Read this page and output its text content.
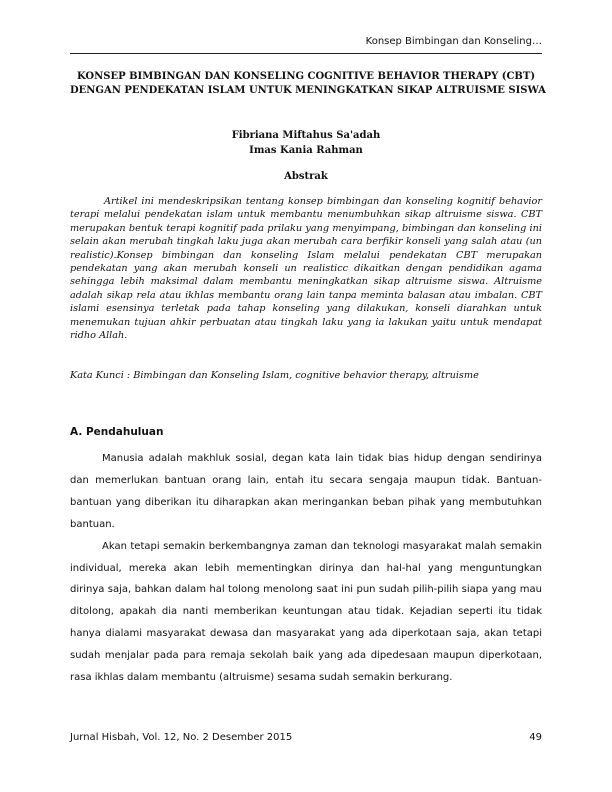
Konsep Bimbingan dan Konseling…
KONSEP BIMBINGAN DAN KONSELING COGNITIVE BEHAVIOR THERAPY (CBT)
DENGAN PENDEKATAN ISLAM UNTUK MENINGKATKAN SIKAP ALTRUISME SISWA
Fibriana Miftahus Sa'adah
Imas Kania Rahman
Abstrak
Artikel ini mendeskripsikan tentang konsep bimbingan dan konseling kognitif behavior terapi melalui pendekatan islam untuk membantu menumbuhkan sikap altruisme siswa. CBT merupakan bentuk terapi kognitif pada prilaku yang menyimpang, bimbingan dan konseling ini selain akan merubah tingkah laku juga akan merubah cara berfikir konseli yang salah atau (un realistic).Konsep bimbingan dan konseling Islam melalui pendekatan CBT merupakan pendekatan yang akan merubah konseli un realisticc dikaitkan dengan pendidikan agama sehingga lebih maksimal dalam membantu meningkatkan sikap altruisme siswa. Altruisme adalah sikap rela atau ikhlas membantu orang lain tanpa meminta balasan atau imbalan. CBT islami esensinya terletak pada tahap konseling yang dilakukan, konseli diarahkan untuk menemukan tujuan ahkir perbuatan atau tingkah laku yang ia lakukan yaitu untuk mendapat ridho Allah.
Kata Kunci : Bimbingan dan Konseling Islam, cognitive behavior therapy, altruisme
A. Pendahuluan

Manusia adalah makhluk sosial, degan kata lain tidak bias hidup dengan sendirinya dan memerlukan bantuan orang lain, entah itu secara sengaja maupun tidak. Bantuan-bantuan yang diberikan itu diharapkan akan meringankan beban pihak yang membutuhkan bantuan.

Akan tetapi semakin berkembangnya zaman dan teknologi masyarakat malah semakin individual, mereka akan lebih mementingkan dirinya dan hal-hal yang menguntungkan dirinya saja, bahkan dalam hal tolong menolong saat ini pun sudah pilih-pilih siapa yang mau ditolong, apakah dia nanti memberikan keuntungan atau tidak. Kejadian seperti itu tidak hanya dialami masyarakat dewasa dan masyarakat yang ada diperkotaan saja, akan tetapi sudah menjalar pada para remaja sekolah baik yang ada dipedesaan maupun diperkotaan, rasa ikhlas dalam membantu (altruisme) sesama sudah semakin berkurang.

Jurnal Hisbah, Vol. 12, No. 2 Desember 2015	49
